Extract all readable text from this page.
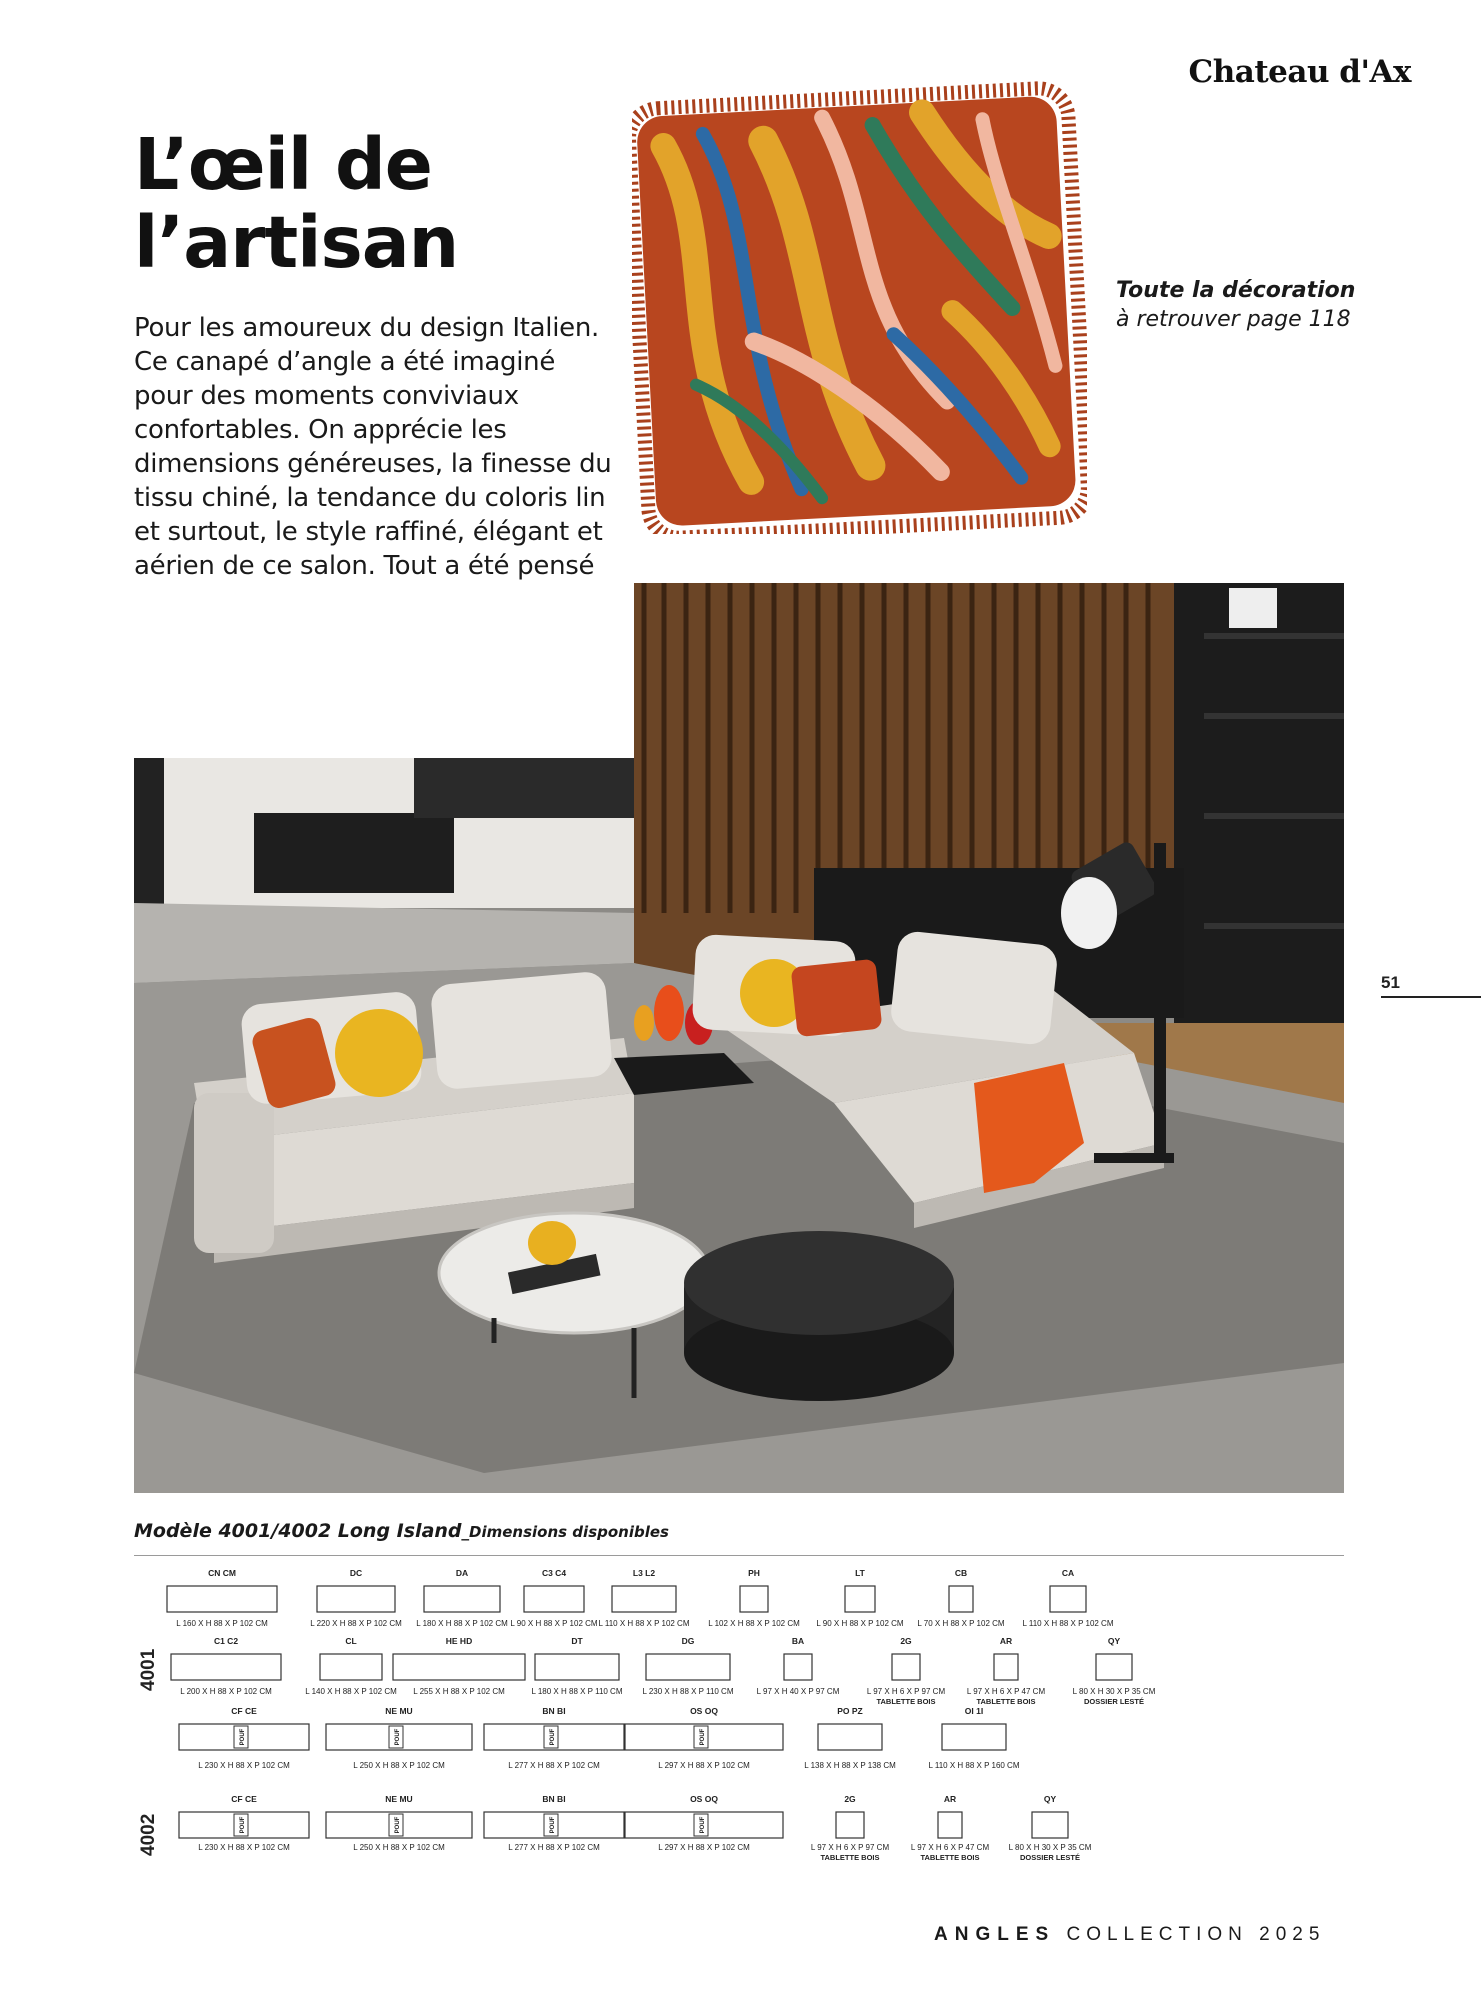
Chateau d'Ax
L’œil de
l’artisan

Pour les amoureux du design Italien. Ce canapé d’angle a été imaginé pour des moments conviviaux confortables. On apprécie les dimensions généreuses, la finesse du tissu chiné, la tendance du coloris lin et surtout, le style raffiné, élégant et aérien de ce salon. Tout a été pensé

Toute la décoration
à retrouver page 118
51
Modèle 4001/4002 Long Island_Dimensions disponibles
4001
4002
CN CM
L 160 X H 88 X P 102 CM
DC
L 220 X H 88 X P 102 CM
DA
L 180 X H 88 X P 102 CM
C3 C4
L 90 X H 88 X P 102 CM
L3 L2
L 110 X H 88 X P 102 CM
PH
L 102 X H 88 X P 102 CM
LT
L 90 X H 88 X P 102 CM
CB
L 70 X H 88 X P 102 CM
CA
L 110 X H 88 X P 102 CM
C1 C2
L 200 X H 88 X P 102 CM
CL
L 140 X H 88 X P 102 CM
HE HD
L 255 X H 88 X P 102 CM
DT
L 180 X H 88 X P 110 CM
DG
L 230 X H 88 X P 110 CM
BA
L 97 X H 40 X P 97 CM
2G
L 97 X H 6 X P 97 CM
TABLETTE BOIS
AR
L 97 X H 6 X P 47 CM
TABLETTE BOIS
QY
L 80 X H 30 X P 35 CM
DOSSIER LESTÉ
CF CE
POUF
L 230 X H 88 X P 102 CM
NE MU
POUF
L 250 X H 88 X P 102 CM
BN BI
POUF
L 277 X H 88 X P 102 CM
OS OQ
POUF
L 297 X H 88 X P 102 CM
PO PZ
L 138 X H 88 X P 138 CM
OI 1I
L 110 X H 88 X P 160 CM
CF CE
POUF
L 230 X H 88 X P 102 CM
NE MU
POUF
L 250 X H 88 X P 102 CM
BN BI
POUF
L 277 X H 88 X P 102 CM
OS OQ
POUF
L 297 X H 88 X P 102 CM
2G
L 97 X H 6 X P 97 CM
TABLETTE BOIS
AR
L 97 X H 6 X P 47 CM
TABLETTE BOIS
QY
L 80 X H 30 X P 35 CM
DOSSIER LESTÉ
ANGLES COLLECTION 2025
